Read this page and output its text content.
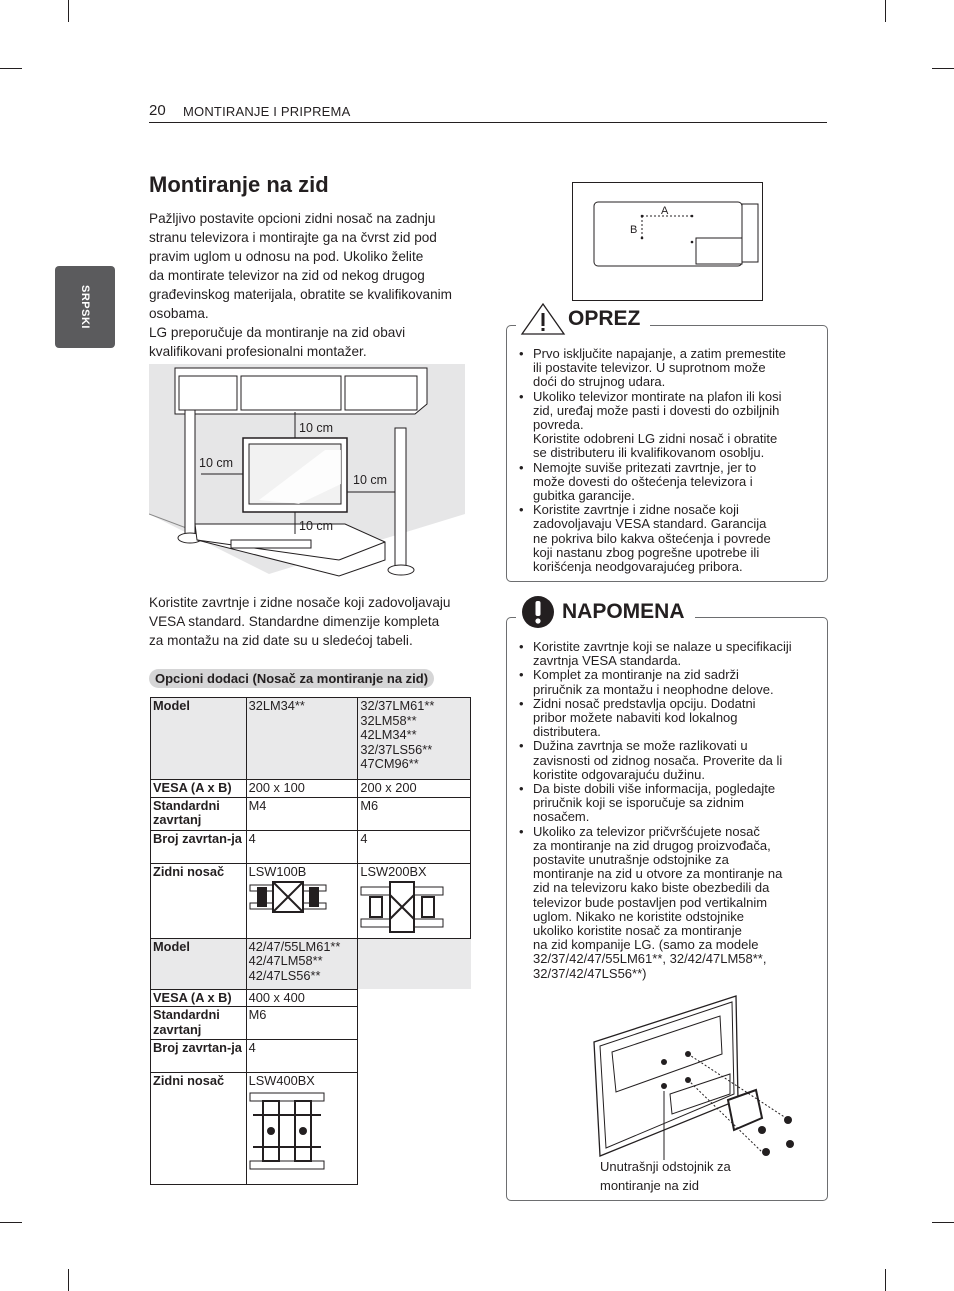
20 MONTIRANJE I PRIPREMA
SRPSKI
Montiranje na zid
Pažljivo postavite opcioni zidni nosač na zadnju
stranu televizora i montirajte ga na čvrst zid pod
pravim uglom u odnosu na pod. Ukoliko želite
da montirate televizor na zid od nekog drugog
građevinskog materijala, obratite se kvalifikovanim
osobama.
LG preporučuje da montiranje na zid obavi
kvalifikovani profesionalni montažer.
10 cm
10 cm
10 cm
10 cm
Koristite zavrtnje i zidne nosače koji zadovoljavaju
VESA standard. Standardne dimenzije kompleta
za montažu na zid date su u sledećoj tabeli.
Opcioni dodaci (Nosač za montiranje na zid)
Model	32LM34**	32/37LM61**
32LM58**
42LM34**
32/37LS56**
47CM96**

VESA (A x B)	200 x 100	200 x 200
Standardni zavrtanj	M4	M6
Broj zavrtan-ja	4	4
Zidni nosač	LSW100B	LSW200BX

Model	42/47/55LM61**
42/47LM58**
42/47LS56**	

VESA (A x B)	400 x 400	
Standardni zavrtanj	M6	
Broj zavrtan-ja	4	
Zidni nosač	LSW400BX	

A
B
OPREZ
• Prvo isključite napajanje, a zatim premestite
ili postavite televizor. U suprotnom može
doći do strujnog udara.
• Ukoliko televizor montirate na plafon ili kosi
zid, uređaj može pasti i dovesti do ozbiljnih
povreda.
Koristite odobreni LG zidni nosač i obratite
se distributeru ili kvalifikovanom osoblju.
• Nemojte suviše pritezati zavrtnje, jer to
može dovesti do oštećenja televizora i
gubitka garancije.
• Koristite zavrtnje i zidne nosače koji
zadovoljavaju VESA standard. Garancija
ne pokriva bilo kakva oštećenja i povrede
koji nastanu zbog pogrešne upotrebe ili
korišćenja neodgovarajućeg pribora.
NAPOMENA
• Koristite zavrtnje koji se nalaze u specifikaciji
zavrtnja VESA standarda.
• Komplet za montiranje na zid sadrži
priručnik za montažu i neophodne delove.
• Zidni nosač predstavlja opciju. Dodatni
pribor možete nabaviti kod lokalnog
distributera.
• Dužina zavrtnja se može razlikovati u
zavisnosti od zidnog nosača. Proverite da li
koristite odgovarajuću dužinu.
• Da biste dobili više informacija, pogledajte
priručnik koji se isporučuje sa zidnim
nosačem.
• Ukoliko za televizor pričvršćujete nosač
za montiranje na zid drugog proizvođača,
postavite unutrašnje odstojnike za
montiranje na zid u otvore za montiranje na
zid na televizoru kako biste obezbedili da
televizor bude postavljen pod vertikalnim
uglom. Nikako ne koristite odstojnike
ukoliko koristite nosač za montiranje
na zid kompanije LG. (samo za modele
32/37/42/47/55LM61**, 32/42/47LM58**,
32/37/42/47LS56**)
Unutrašnji odstojnik za
montiranje na zid
